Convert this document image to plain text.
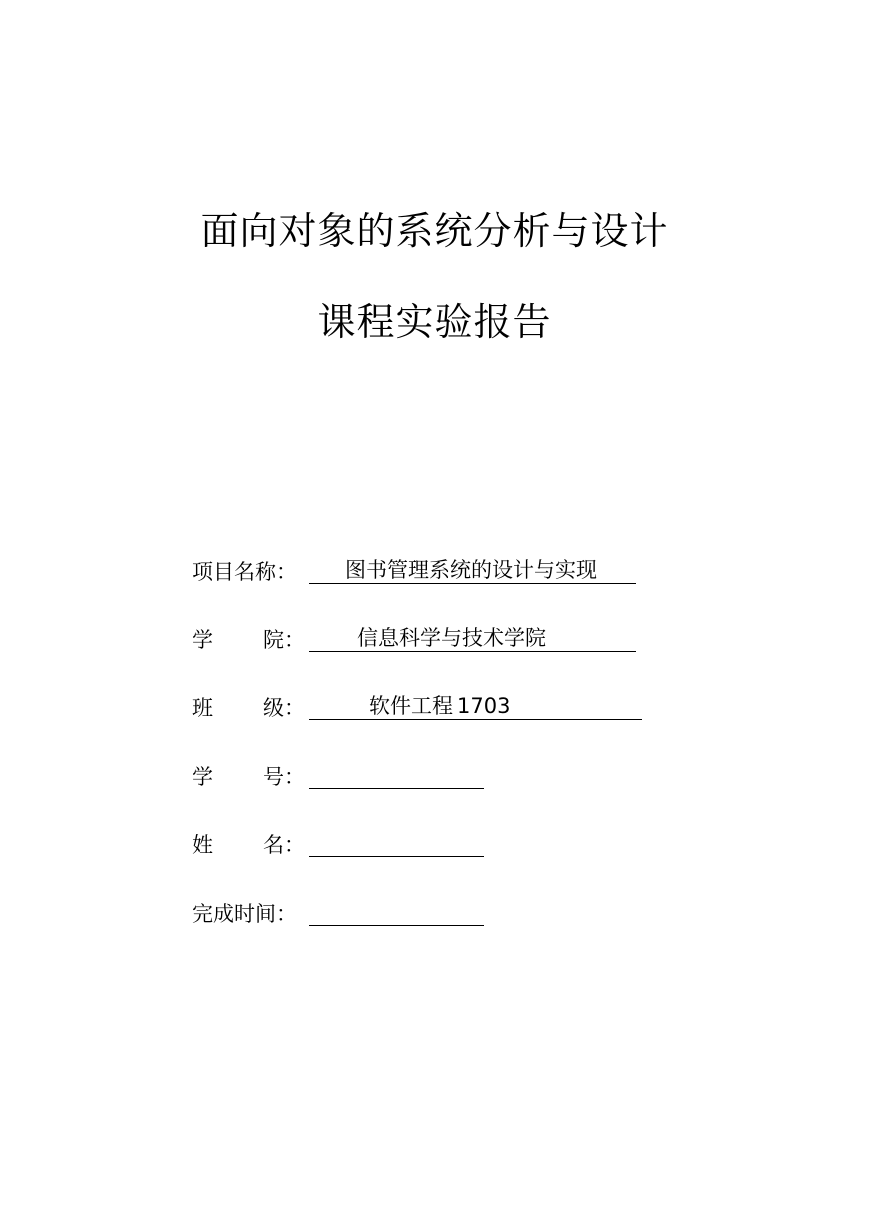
面向对象的系统分析与设计
课程实验报告
项目名称：	图书管理系统的设计与实现
学 院： 信息科学与技术学院
班 级：	软件工程 1703
学 号：
姓 名：
完成时间：
